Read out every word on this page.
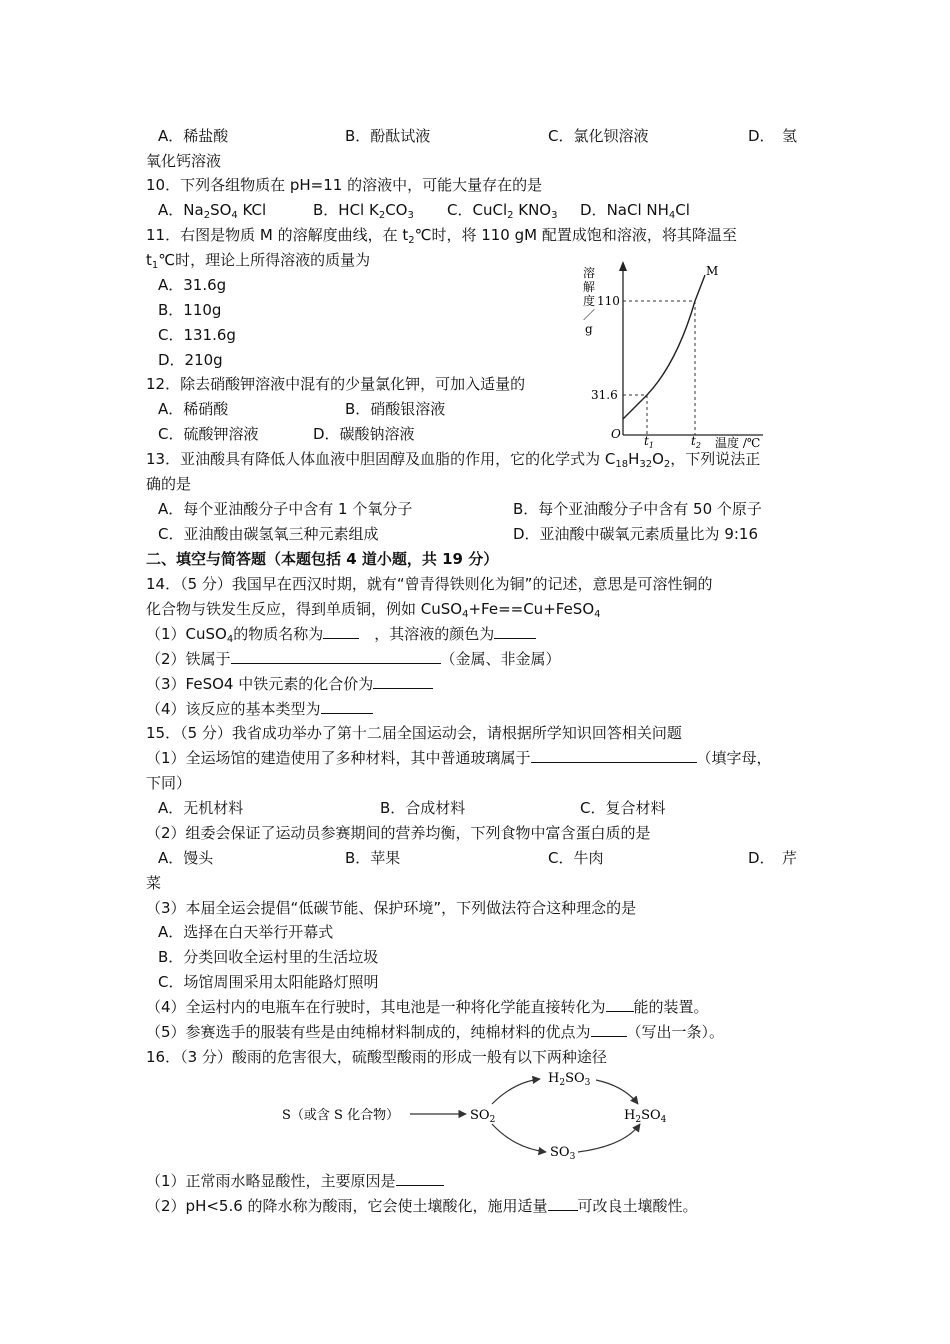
A．稀盐酸	B．酚酞试液	C．氯化钡溶液	D．　氢
氧化钙溶液
10．下列各组物质在 pH=11 的溶液中，可能大量存在的是
A．$Na_2SO_4$ KCl	B．HCl $K_2CO_3$ C．CuCl$_2$ $KNO_3$ D．NaCl $NH_4Cl$
11．右图是物质 M 的溶解度曲线，在 $t_2℃$时，将 110 gM 配置成饱和溶液，将其降温至
$t_1℃$时，理论上所得溶液的质量为
A．31.6g
B．110g
C．131.6g
D．210g
溶
解
度
／
g
110
31.6
M
O $t_1$	$t_2$ 温度 /℃
12．除去硝酸钾溶液中混有的少量氯化钾，可加入适量的
A．稀硝酸	B．硝酸银溶液
C．硫酸钾溶液	D．碳酸钠溶液
13．亚油酸具有降低人体血液中胆固醇及血脂的作用，它的化学式为 $C_{18}H_{32}O_2$，下列说法正
确的是
A．每个亚油酸分子中含有 1 个氧分子	B．每个亚油酸分子中含有 50 个原子
C．亚油酸由碳氢氧三种元素组成	D．亚油酸中碳氧元素质量比为 9:16
二、填空与简答题（本题包括 4 道小题，共 19 分）
14．（5 分）我国早在西汉时期，就有“曾青得铁则化为铜”的记述，意思是可溶性铜的
化合物与铁发生反应，得到单质铜，例如 CuSO$_4$+Fe==Cu+FeSO$_4$
（1）CuSO$_4$的物质名称为　，其溶液的颜色为
（2）铁属于	（金属、非金属）
（3）FeSO4 中铁元素的化合价为
（4）该反应的基本类型为
15．（5 分）我省成功举办了第十二届全国运动会，请根据所学知识回答相关问题
（1）全运场馆的建造使用了多种材料，其中普通玻璃属于	（填字母，
下同）
A．无机材料	B．合成材料	C．复合材料
（2）组委会保证了运动员参赛期间的营养均衡，下列食物中富含蛋白质的是
A．馒头	B．苹果	C．牛肉	D．　芹
菜
（3）本届全运会提倡“低碳节能、保护环境”，下列做法符合这种理念的是
A．选择在白天举行开幕式
B．分类回收全运村里的生活垃圾
C．场馆周围采用太阳能路灯照明
（4）全运村内的电瓶车在行驶时，其电池是一种将化学能直接转化为 能的装置。
（5）参赛选手的服装有些是由纯棉材料制成的，纯棉材料的优点为 （写出一条）。
16．（3 分）酸雨的危害很大，硫酸型酸雨的形成一般有以下两种途径
S（或含 S 化合物）	$SO_2$
$H_2SO_3$
$H_2SO_4$
$SO_3$
（1）正常雨水略显酸性，主要原因是
（2）pH<5.6 的降水称为酸雨，它会使土壤酸化，施用适量 可改良土壤酸性。
